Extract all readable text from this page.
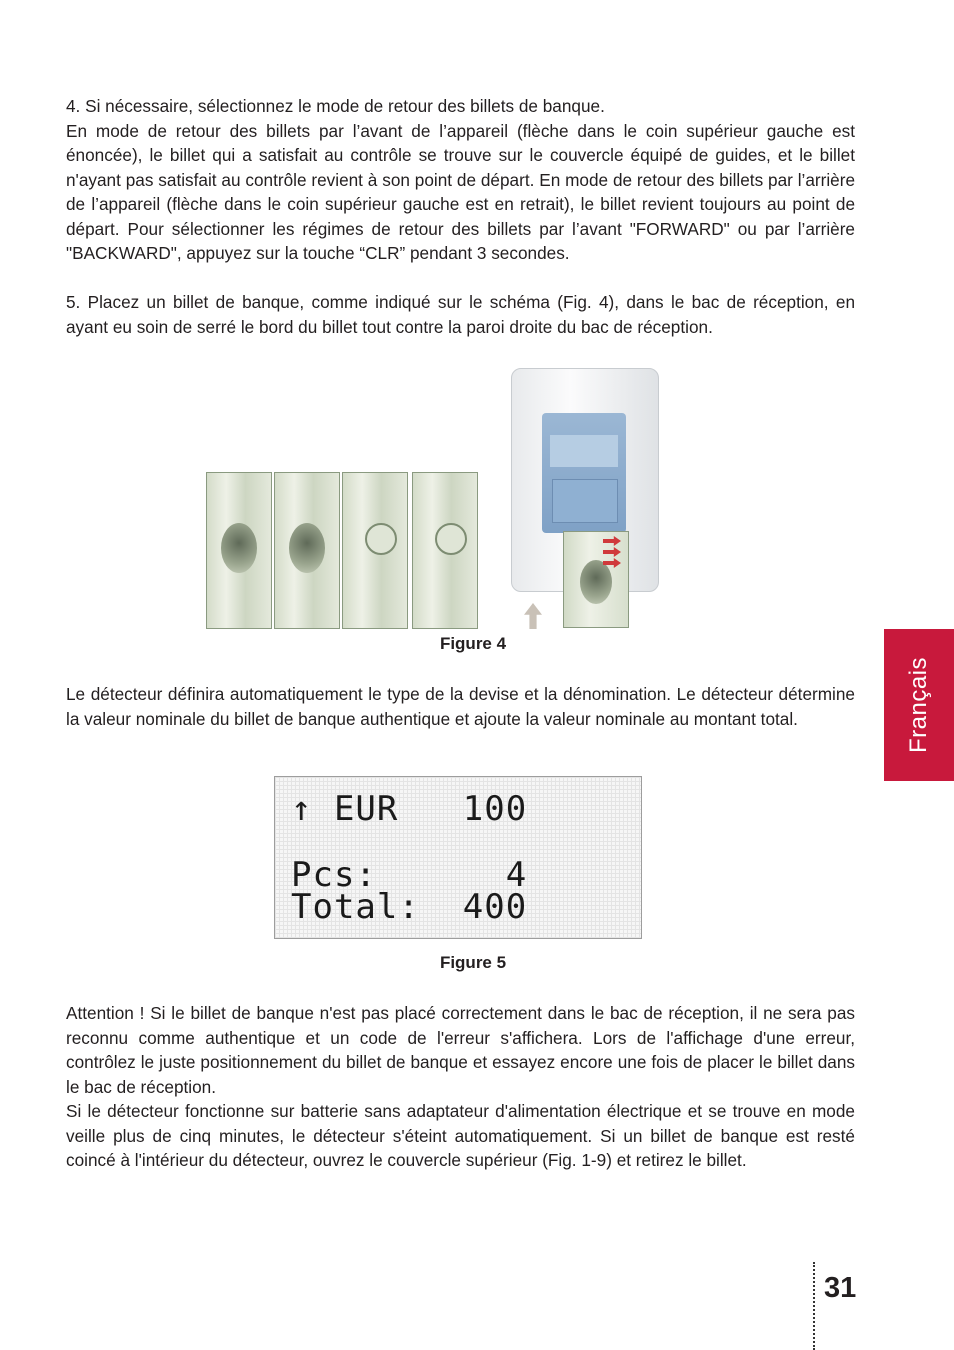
4. Si nécessaire, sélectionnez le mode de retour des billets de banque.

En mode de retour des billets par l’avant de l’appareil (flèche dans le coin supérieur gauche est énoncée), le billet qui a satisfait au contrôle se trouve sur le couvercle équipé de guides, et le billet n'ayant pas satisfait au contrôle revient à son point de départ. En mode de retour des billets par l’arrière de l’appareil (flèche dans le coin supérieur gauche est en retrait), le billet revient toujours au point de départ. Pour sélectionner les régimes de retour des billets par l’avant "FORWARD" ou par l’arrière "BACKWARD", appuyez sur la touche “CLR” pendant 3 secondes.

5. Placez un billet de banque, comme indiqué sur le schéma (Fig. 4), dans le bac de réception, en ayant eu soin de serré le bord du billet tout contre la paroi droite du bac de réception.

Figure 4

Le détecteur définira automatiquement le type de la devise et la dénomination. Le détecteur détermine la valeur nominale du billet de banque authentique et ajoute la valeur nominale au montant total.

↑ EUR   100
Pcs:      4
Total:  400
Figure 5

Attention ! Si le billet de banque n'est pas placé correctement dans le bac de réception, il ne sera pas reconnu comme authentique et un code de l'erreur s'affichera. Lors de l'affichage d'une erreur, contrôlez le juste positionnement du billet de banque et essayez encore une fois de placer le billet dans le bac de réception.

Si le détecteur fonctionne sur batterie sans adaptateur d'alimentation électrique et se trouve en mode veille plus de cinq minutes, le détecteur s'éteint automatiquement. Si un billet de banque est resté coincé à l'intérieur du détecteur, ouvrez le couvercle supérieur (Fig. 1-9) et retirez le billet.

Français
31
